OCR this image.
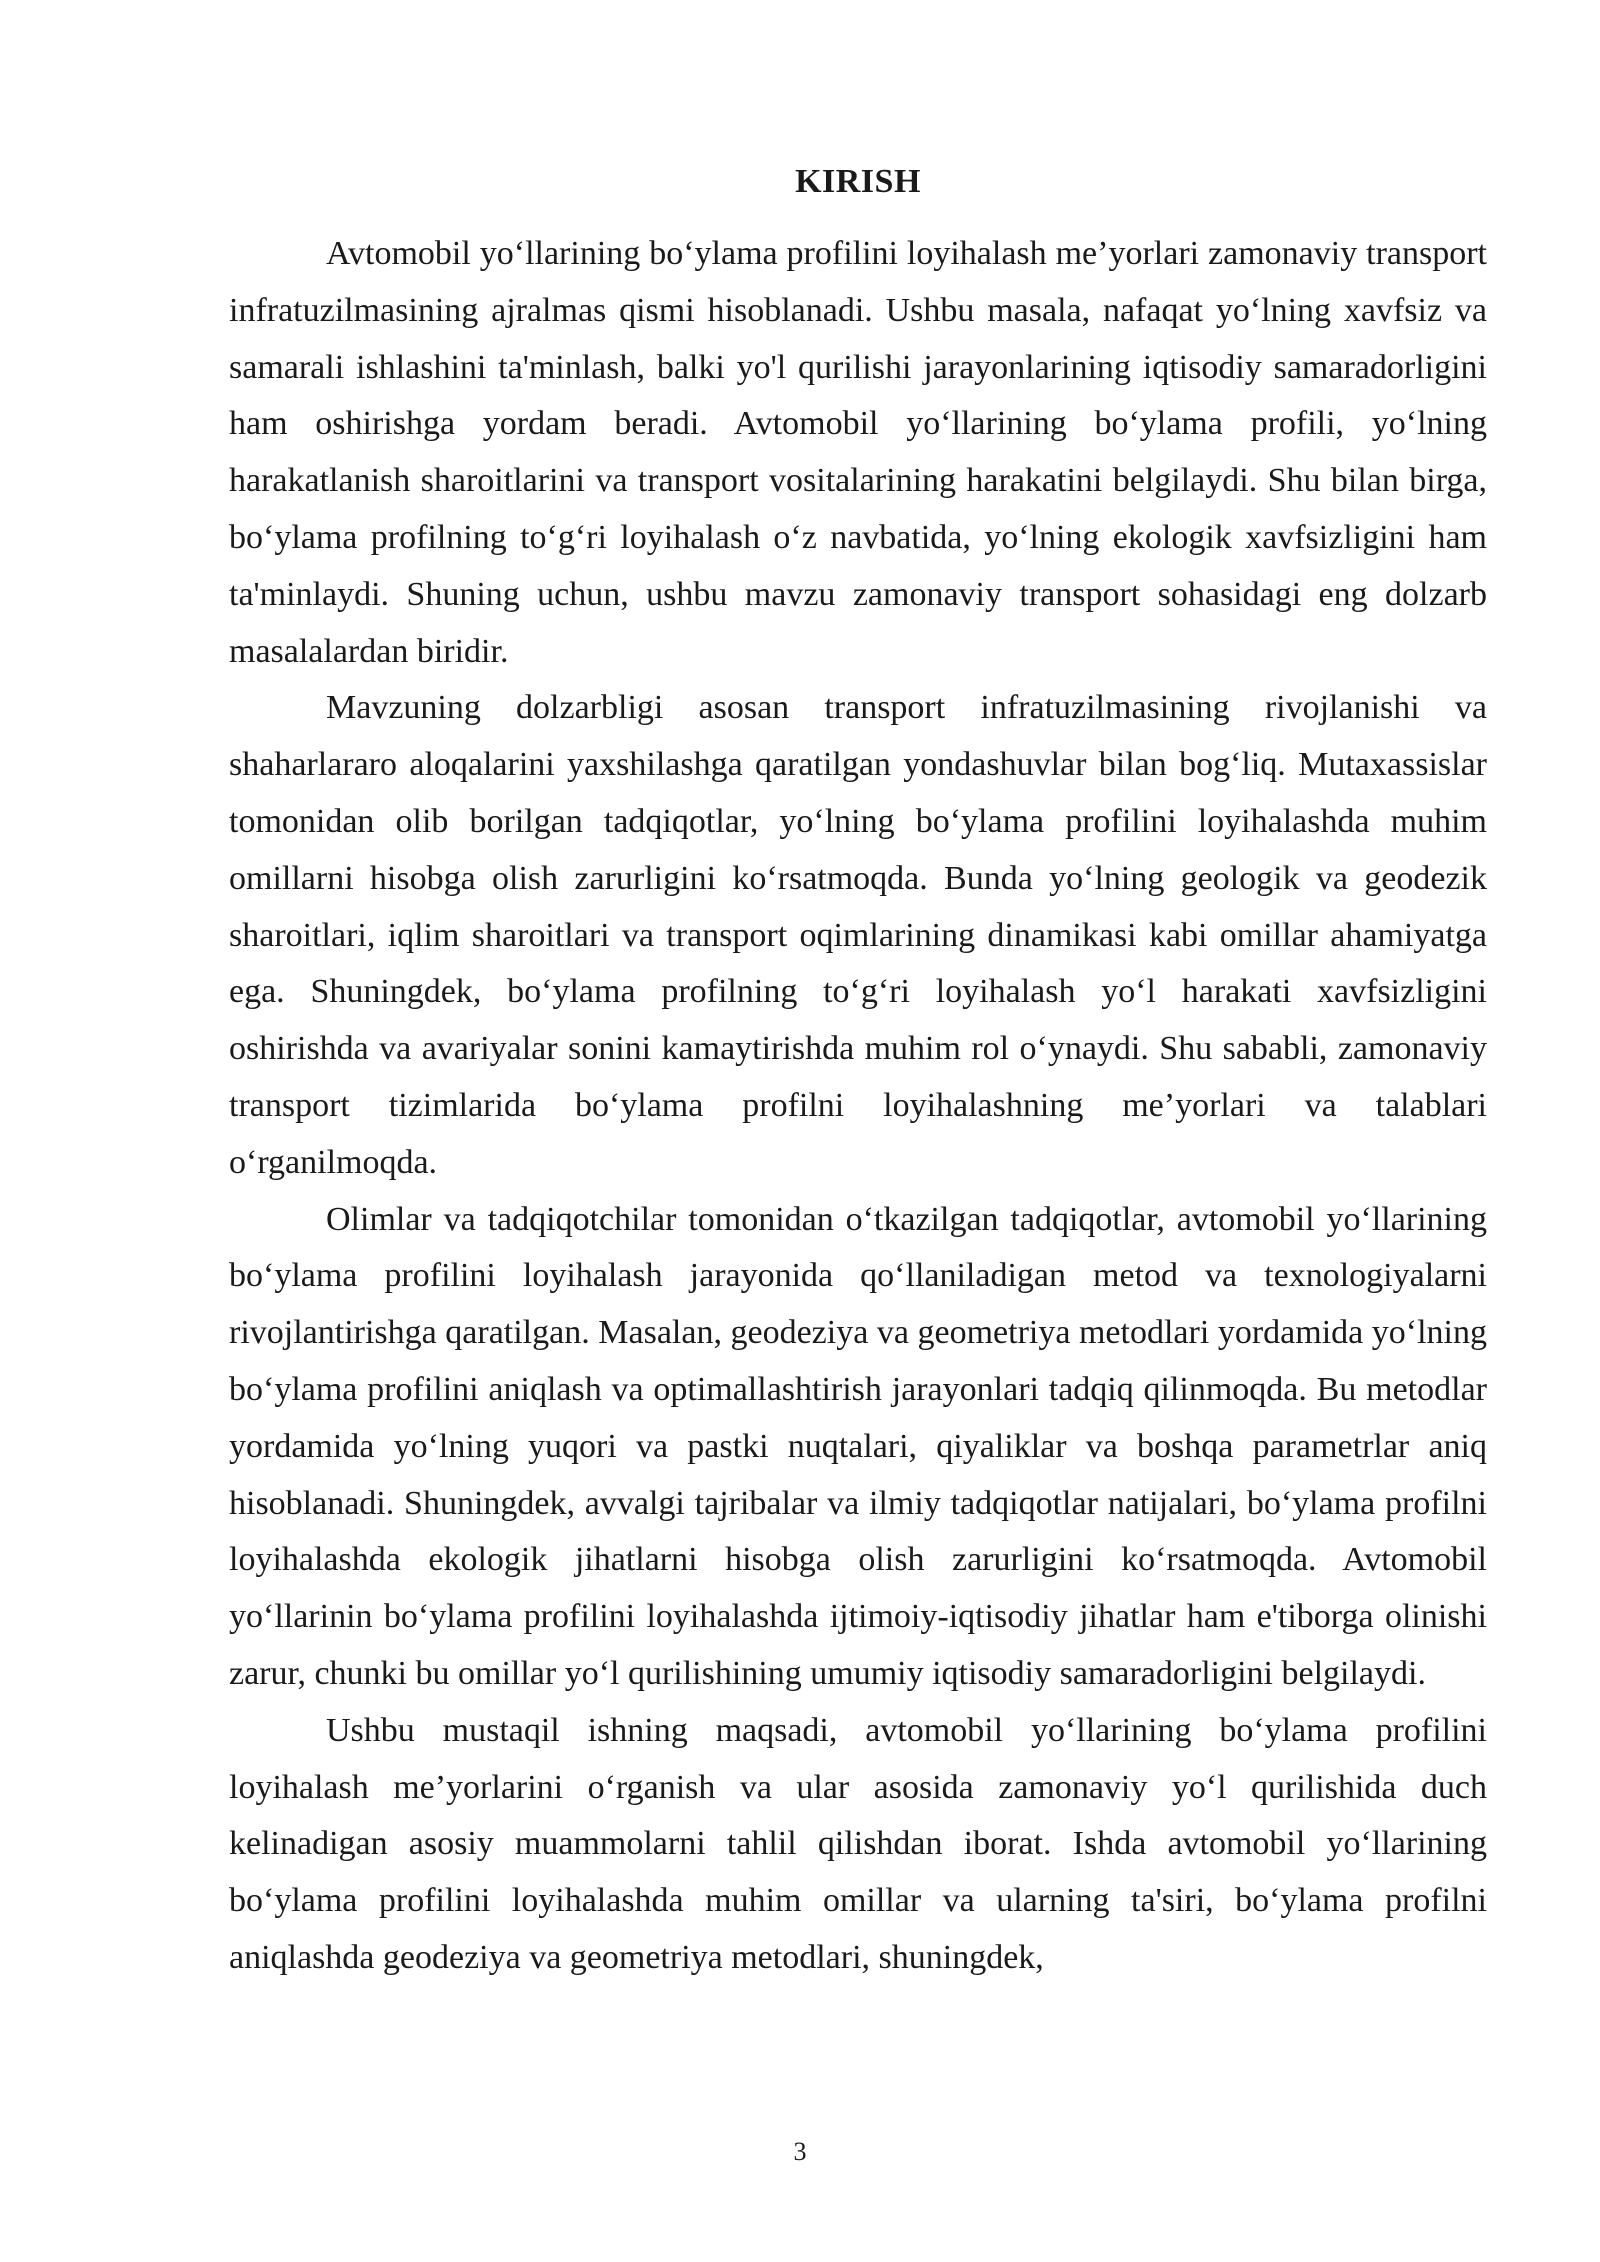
KIRISH

Avtomobil yo‘llarining bo‘ylama profilini loyihalash me’yorlari zamonaviy transport infratuzilmasining ajralmas qismi hisoblanadi. Ushbu masala, nafaqat yo‘lning xavfsiz va samarali ishlashini ta'minlash, balki yo'l qurilishi jarayonlarining iqtisodiy samaradorligini ham oshirishga yordam beradi. Avtomobil yo‘llarining bo‘ylama profili, yo‘lning harakatlanish sharoitlarini va transport vositalarining harakatini belgilaydi. Shu bilan birga, bo‘ylama profilning to‘g‘ri loyihalash o‘z navbatida, yo‘lning ekologik xavfsizligini ham ta'minlaydi. Shuning uchun, ushbu mavzu zamonaviy transport sohasidagi eng dolzarb masalalardan biridir.

Mavzuning dolzarbligi asosan transport infratuzilmasining rivojlanishi va shaharlararo aloqalarini yaxshilashga qaratilgan yondashuvlar bilan bog‘liq. Mutaxassislar tomonidan olib borilgan tadqiqotlar, yo‘lning bo‘ylama profilini loyihalashda muhim omillarni hisobga olish zarurligini ko‘rsatmoqda. Bunda yo‘lning geologik va geodezik sharoitlari, iqlim sharoitlari va transport oqimlarining dinamikasi kabi omillar ahamiyatga ega. Shuningdek, bo‘ylama profilning to‘g‘ri loyihalash yo‘l harakati xavfsizligini oshirishda va avariyalar sonini kamaytirishda muhim rol o‘ynaydi. Shu sababli, zamonaviy transport tizimlarida bo‘ylama profilni loyihalashning me’yorlari va talablari o‘rganilmoqda.

Olimlar va tadqiqotchilar tomonidan o‘tkazilgan tadqiqotlar, avtomobil yo‘llarining bo‘ylama profilini loyihalash jarayonida qo‘llaniladigan metod va texnologiyalarni rivojlantirishga qaratilgan. Masalan, geodeziya va geometriya metodlari yordamida yo‘lning bo‘ylama profilini aniqlash va optimallashtirish jarayonlari tadqiq qilinmoqda. Bu metodlar yordamida yo‘lning yuqori va pastki nuqtalari, qiyaliklar va boshqa parametrlar aniq hisoblanadi. Shuningdek, avvalgi tajribalar va ilmiy tadqiqotlar natijalari, bo‘ylama profilni loyihalashda ekologik jihatlarni hisobga olish zarurligini ko‘rsatmoqda. Avtomobil yo‘llarinin bo‘ylama profilini loyihalashda ijtimoiy-iqtisodiy jihatlar ham e'tiborga olinishi zarur, chunki bu omillar yo‘l qurilishining umumiy iqtisodiy samaradorligini belgilaydi.

Ushbu mustaqil ishning maqsadi, avtomobil yo‘llarining bo‘ylama profilini loyihalash me’yorlarini o‘rganish va ular asosida zamonaviy yo‘l qurilishida duch kelinadigan asosiy muammolarni tahlil qilishdan iborat. Ishda avtomobil yo‘llarining bo‘ylama profilini loyihalashda muhim omillar va ularning ta'siri, bo‘ylama profilni aniqlashda geodeziya va geometriya metodlari, shuningdek,

3
